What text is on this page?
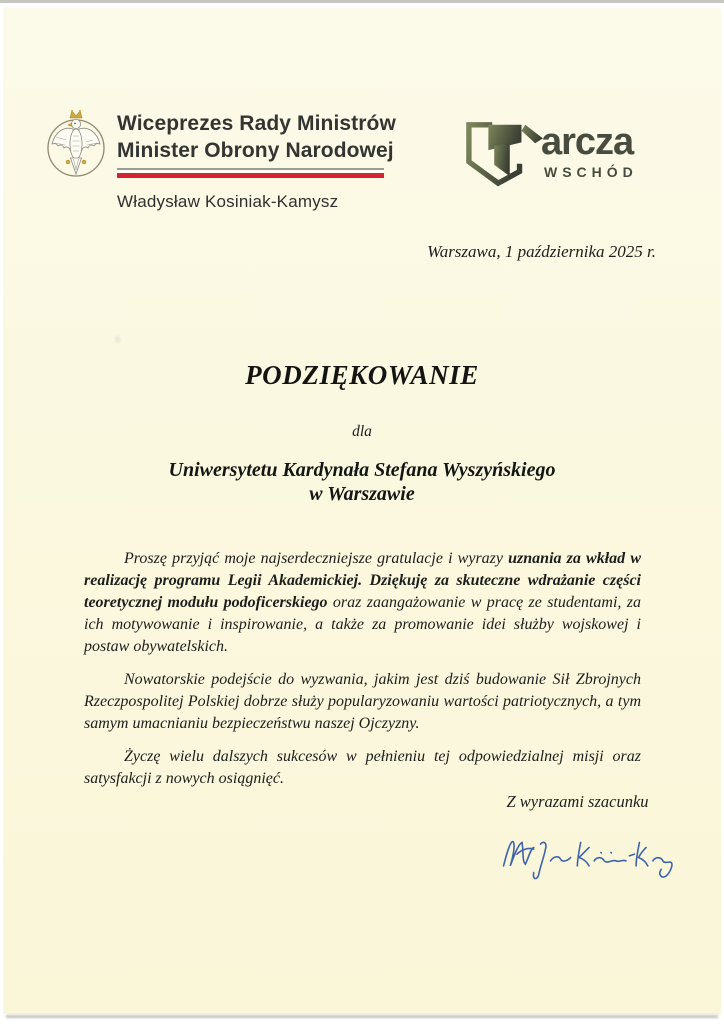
Wiceprezes Rady Ministrów
Minister Obrony Narodowej
Władysław Kosiniak-Kamysz
arcza
WSCHÓD
Warszawa, 1 października 2025 r.
PODZIĘKOWANIE
dla
Uniwersytetu Kardynała Stefana Wyszyńskiego
w Warszawie

Proszę przyjąć moje najserdeczniejsze gratulacje i wyrazy uznania za wkład w realizację programu Legii Akademickiej. Dziękuję za skuteczne wdrażanie części teoretycznej modułu podoficerskiego oraz zaangażowanie w pracę ze studentami, za ich motywowanie i inspirowanie, a także za promowanie idei służby wojskowej i postaw obywatelskich.

Nowatorskie podejście do wyzwania, jakim jest dziś budowanie Sił Zbrojnych Rzeczpospolitej Polskiej dobrze służy popularyzowaniu wartości patriotycznych, a tym samym umacnianiu bezpieczeństwu naszej Ojczyzny.

Życzę wielu dalszych sukcesów w pełnieniu tej odpowiedzialnej misji oraz satysfakcji z nowych osiągnięć.

Z wyrazami szacunku
